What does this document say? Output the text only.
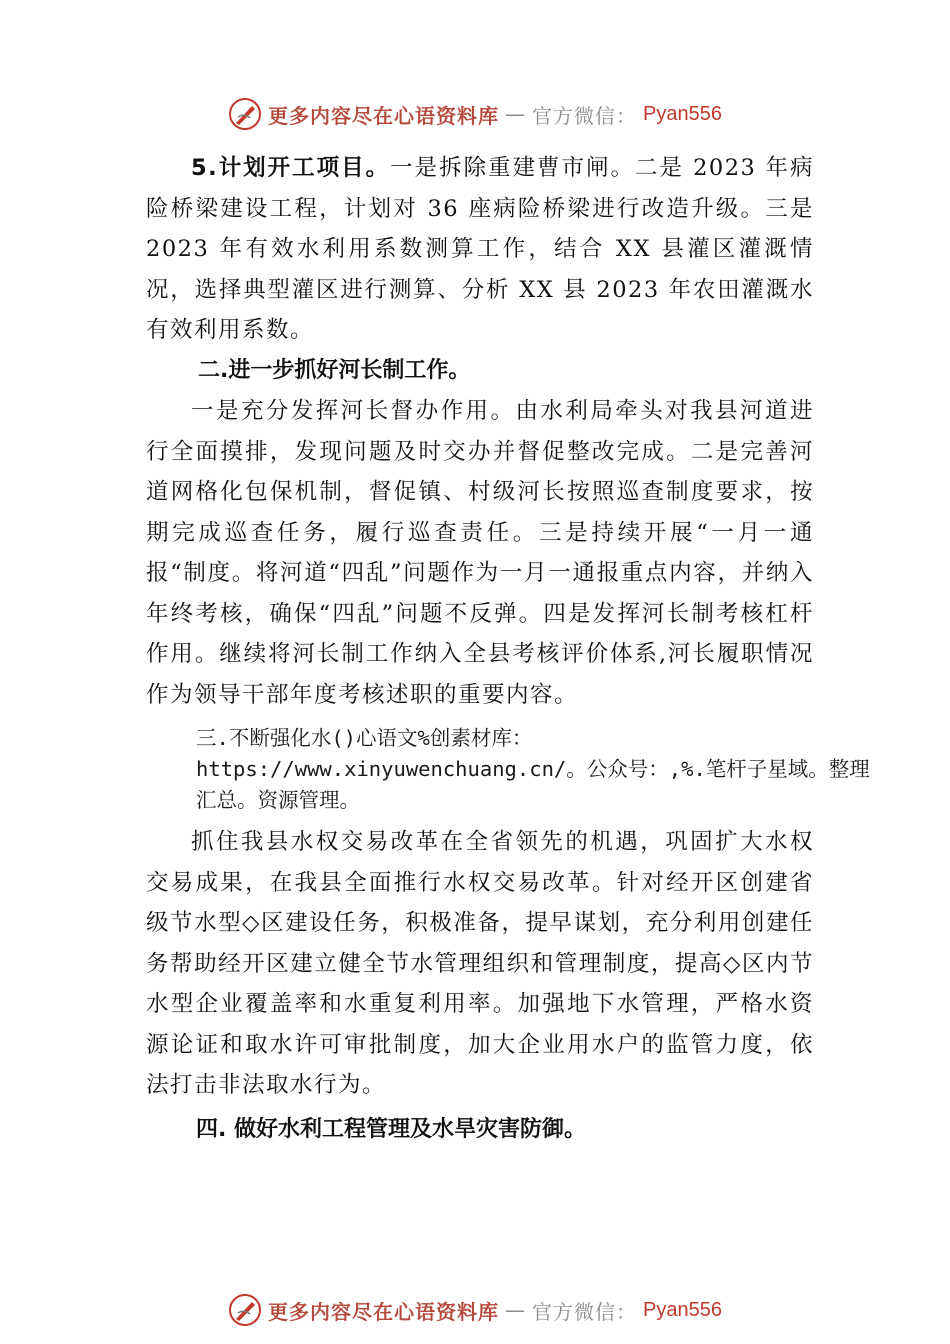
更多内容尽在心语资料库 — 官方微信： Pyan556

5.计划开工项目。一是拆除重建曹市闸。二是 2023 年病险桥梁建设工程，计划对 36 座病险桥梁进行改造升级。三是 2023 年有效水利用系数测算工作，结合 XX 县灌区灌溉情况，选择典型灌区进行测算、分析 XX 县 2023 年农田灌溉水有效利用系数。

二.进一步抓好河长制工作。

一是充分发挥河长督办作用。由水利局牵头对我县河道进行全面摸排，发现问题及时交办并督促整改完成。二是完善河道网格化包保机制，督促镇、村级河长按照巡查制度要求，按期完成巡查任务，履行巡查责任。三是持续开展“一月一通报“制度。将河道“四乱”问题作为一月一通报重点内容，并纳入年终考核，确保“四乱”问题不反弹。四是发挥河长制考核杠杆作用。继续将河长制工作纳入全县考核评价体系,河长履职情况作为领导干部年度考核述职的重要内容。

三.不断强化水()心语文%创素材库：https://www.xinyuwenchuang.cn/。公众号：,%.笔杆子星域。整理汇总。资源管理。

抓住我县水权交易改革在全省领先的机遇，巩固扩大水权交易成果，在我县全面推行水权交易改革。针对经开区创建省级节水型◇区建设任务，积极准备，提早谋划，充分利用创建任务帮助经开区建立健全节水管理组织和管理制度，提高◇区内节水型企业覆盖率和水重复利用率。加强地下水管理，严格水资源论证和取水许可审批制度，加大企业用水户的监管力度，依法打击非法取水行为。

四. 做好水利工程管理及水旱灾害防御。

更多内容尽在心语资料库 — 官方微信： Pyan556
